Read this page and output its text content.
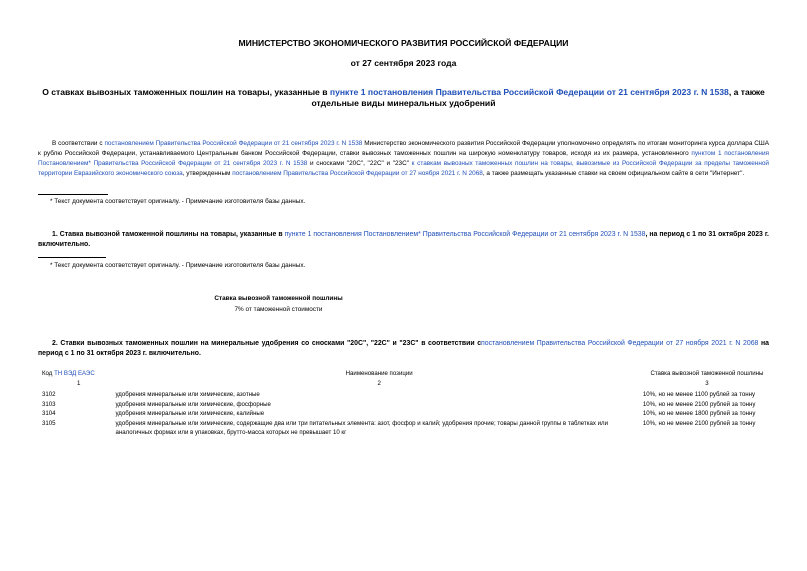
МИНИСТЕРСТВО ЭКОНОМИЧЕСКОГО РАЗВИТИЯ РОССИЙСКОЙ ФЕДЕРАЦИИ
от 27 сентября 2023 года
О ставках вывозных таможенных пошлин на товары, указанные в пункте 1 постановления Правительства Российской Федерации от 21 сентября 2023 г. N 1538, а также отдельные виды минеральных удобрений
В соответствии с постановлением Правительства Российской Федерации от 21 сентября 2023 г. N 1538 Министерство экономического развития Российской Федерации уполномочено определять по итогам мониторинга курса доллара США к рублю Российской Федерации, устанавливаемого Центральным банком Российской Федерации, ставки вывозных таможенных пошлин на широкую номенклатуру товаров, исходя из их размера, установленного пунктом 1 постановления Постановлением* Правительства Российской Федерации от 21 сентября 2023 г. N 1538 и сносками "20С", "22С" и "23С" к ставкам вывозных таможенных пошлин на товары, вывозимые из Российской Федерации за пределы таможенной территории Евразийского экономического союза, утвержденным постановлением Правительства Российской Федерации от 27 ноября 2021 г. N 2068, а также размещать указанные ставки на своем официальном сайте в сети "Интернет".
* Текст документа соответствует оригиналу. - Примечание изготовителя базы данных.
1. Ставка вывозной таможенной пошлины на товары, указанные в пункте 1 постановления Постановлением* Правительства Российской Федерации от 21 сентября 2023 г. N 1538, на период с 1 по 31 октября 2023 г. включительно.
* Текст документа соответствует оригиналу. - Примечание изготовителя базы данных.
Ставка вывозной таможенной пошлины
7% от таможенной стоимости
2. Ставки вывозных таможенных пошлин на минеральные удобрения со сносками "20С", "22С" и "23С" в соответствии спостановлением Правительства Российской Федерации от 27 ноября 2021 г. N 2068 на период с 1 по 31 октября 2023 г. включительно.
Код ТН ВЭД ЕАЭС	Наименование позиции	Ставка вывозной таможенной пошлины
1	2	3
3102	удобрения минеральные или химические, азотные	10%, но не менее 1100 рублей за тонну
3103	удобрения минеральные или химические, фосфорные	10%, но не менее 2100 рублей за тонну
3104	удобрения минеральные или химические, калийные	10%, но не менее 1800 рублей за тонну
3105	удобрения минеральные или химические, содержащие два или три питательных элемента: азот, фосфор и калий; удобрения прочие; товары данной группы в таблетках или аналогичных формах или в упаковках, брутто-масса которых не превышает 10 кг	10%, но не менее 2100 рублей за тонну
